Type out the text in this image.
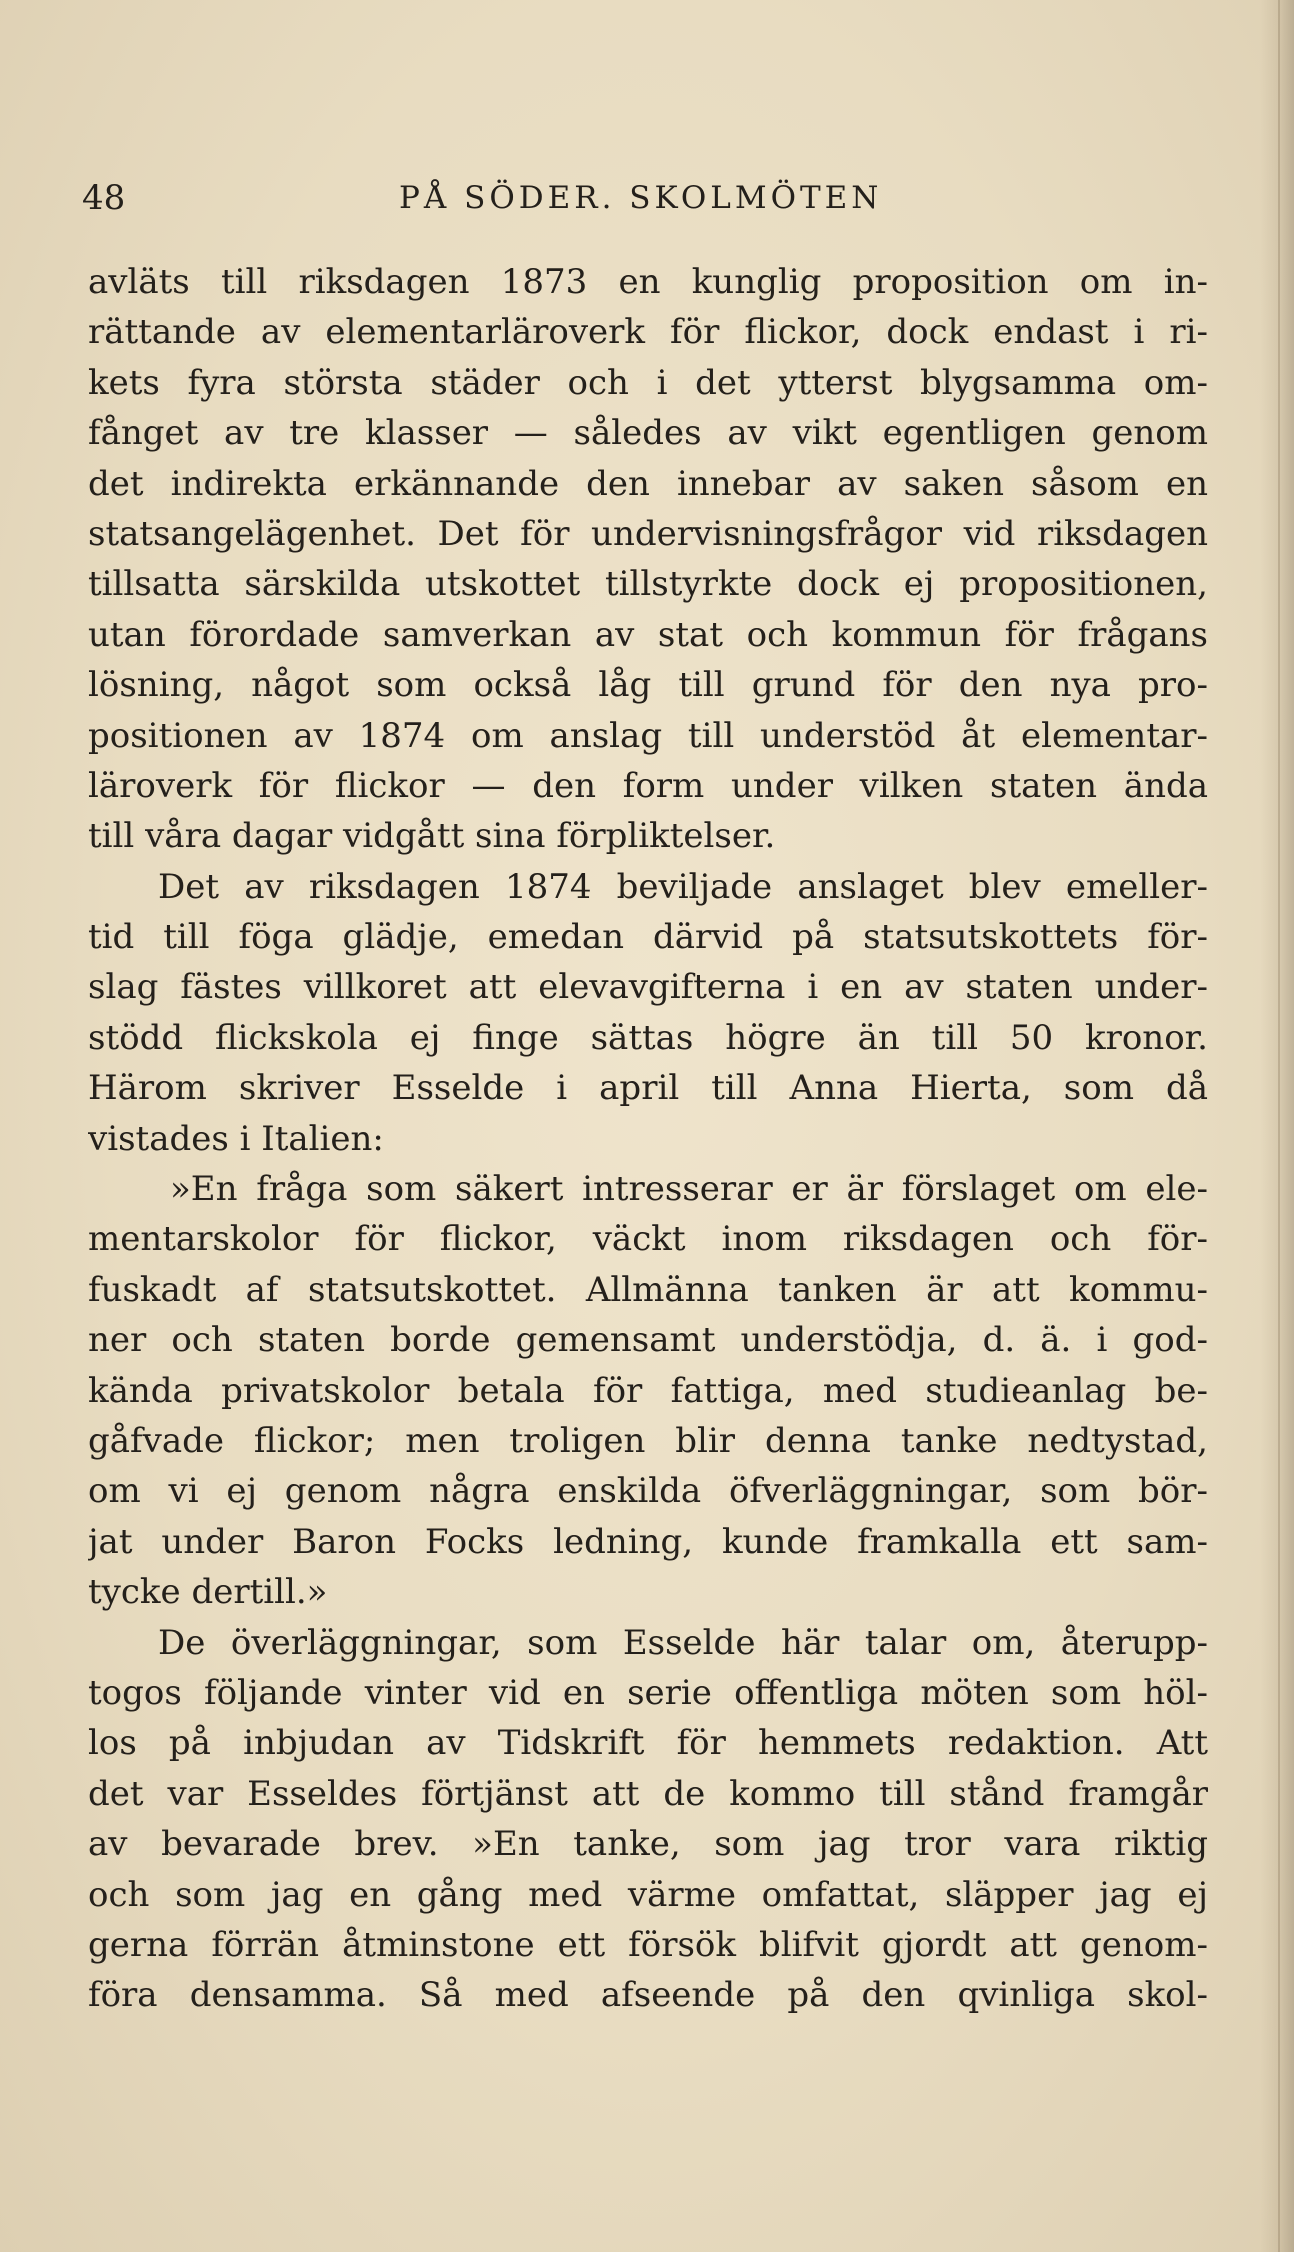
48	PÅ SÖDER. SKOLMÖTEN
avläts till riksdagen 1873 en kunglig proposition om in-
rättande av elementarläroverk för flickor, dock endast i ri-
kets fyra största städer och i det ytterst blygsamma om-
fånget av tre klasser — således av vikt egentligen genom
det indirekta erkännande den innebar av saken såsom en
statsangelägenhet. Det för undervisningsfrågor vid riksdagen
tillsatta särskilda utskottet tillstyrkte dock ej propositionen,
utan förordade samverkan av stat och kommun för frågans
lösning, något som också låg till grund för den nya pro-
positionen av 1874 om anslag till understöd åt elementar-
läroverk för flickor — den form under vilken staten ända
till våra dagar vidgått sina förpliktelser.
Det av riksdagen 1874 beviljade anslaget blev emeller-
tid till föga glädje, emedan därvid på statsutskottets för-
slag fästes villkoret att elevavgifterna i en av staten under-
stödd flickskola ej finge sättas högre än till 50 kronor.
Härom skriver Esselde i april till Anna Hierta, som då
vistades i Italien:
»En fråga som säkert intresserar er är förslaget om ele-
mentarskolor för flickor, väckt inom riksdagen och för-
fuskadt af statsutskottet. Allmänna tanken är att kommu-
ner och staten borde gemensamt understödja, d. ä. i god-
kända privatskolor betala för fattiga, med studieanlag be-
gåfvade flickor; men troligen blir denna tanke nedtystad,
om vi ej genom några enskilda öfverläggningar, som bör-
jat under Baron Focks ledning, kunde framkalla ett sam-
tycke dertill.»
De överläggningar, som Esselde här talar om, återupp-
togos följande vinter vid en serie offentliga möten som höl-
los på inbjudan av Tidskrift för hemmets redaktion. Att
det var Esseldes förtjänst att de kommo till stånd framgår
av bevarade brev. »En tanke, som jag tror vara riktig
och som jag en gång med värme omfattat, släpper jag ej
gerna förrän åtminstone ett försök blifvit gjordt att genom-
föra densamma. Så med afseende på den qvinliga skol-
